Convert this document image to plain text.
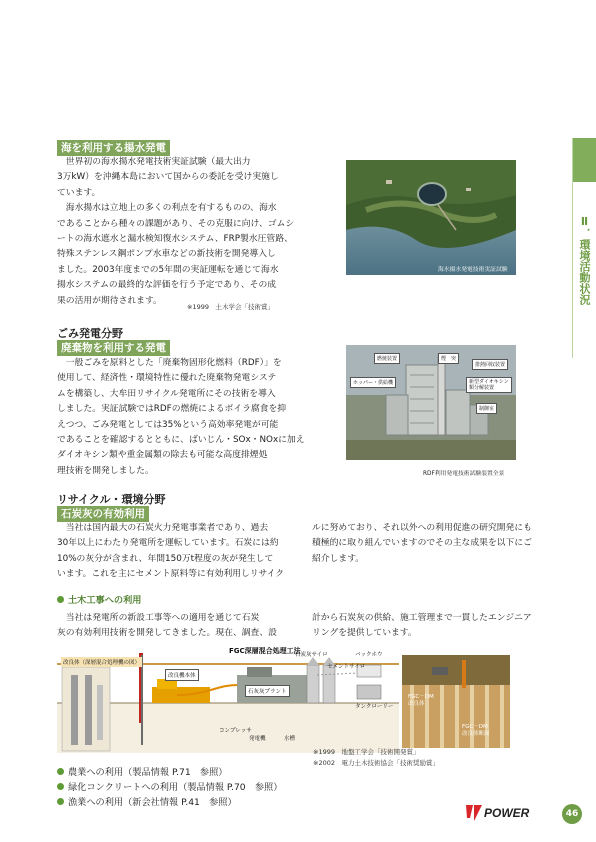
Ⅱ．環境活動状況
海を利用する揚水発電
　世界初の海水揚水発電技術実証試験（最大出力
3万kW）を沖縄本島において国からの委託を受け実施し
ています。
　海水揚水は立地上の多くの利点を有するものの、海水
であることから種々の課題があり、その克服に向け、ゴムシ
ートの海水遮水と漏水検知復水システム、FRP製水圧管路、
特殊ステンレス鋼ポンプ水車などの新技術を開発導入し
ました。2003年度までの5年間の実証運転を通じて海水
揚水システムの最終的な評価を行う予定であり、その成
果の活用が期待されます。
※1999　土木学会「技術賞」
海水揚水発電技術実証試験
ごみ発電分野
廃棄物を利用する発電
　一般ごみを原料とした「廃棄物固形化燃料（RDF）」を
使用して、経済性・環境特性に優れた廃棄物発電システ
ムを構築し、大牟田リサイクル発電所にその技術を導入
しました。実証試験ではRDFの燃焼によるボイラ腐食を抑
えつつ、ごみ発電としては35%という高効率発電が可能
であることを確認するとともに、ばいじん・SOx・NOxに加え
ダイオキシン類や重金属類の除去も可能な高度排煙処
理技術を開発しました。
燃焼装置	煙　突
排熱回収装置
ホッパー・供給機	新型ダイオキシン類分解装置
制御室
RDF利用発電技術試験装置全景
リサイクル・環境分野
石炭灰の有効利用
　当社は国内最大の石炭火力発電事業者であり、過去
30年以上にわたり発電所を運転しています。石炭には約
10%の灰分が含まれ、年間150万t程度の灰が発生して
います。これを主にセメント原料等に有効利用しリサイク
ルに努めており、それ以外への利用促進の研究開発にも
積極的に取り組んでいますのでその主な成果を以下にご
紹介します。
土木工事への利用
　当社は発電所の新設工事等への適用を通じて石炭
灰の有効利用技術を開発してきました。現在、調査、設
計から石炭灰の供給、施工管理まで一貫したエンジニア
リングを提供しています。
FGC深層混合処理工法
改良体（深層混合処理機の図）
改良機本体
石灰灰プラント
石炭灰サイロ
セメントサイロ
バックホウ
タンクローリー
コンプレッサ
発電機	水槽
FGC－DM
改良体
FGC－DM
改良体断面
※1999　地盤工学会「技術開発賞」
※2002　電力土木技術協会「技術奨励賞」
農業への利用（製品情報 P.71　参照）
緑化コンクリートへの利用（製品情報 P.70　参照）
漁業への利用（新会社情報 P.41　参照）
POWER	46
